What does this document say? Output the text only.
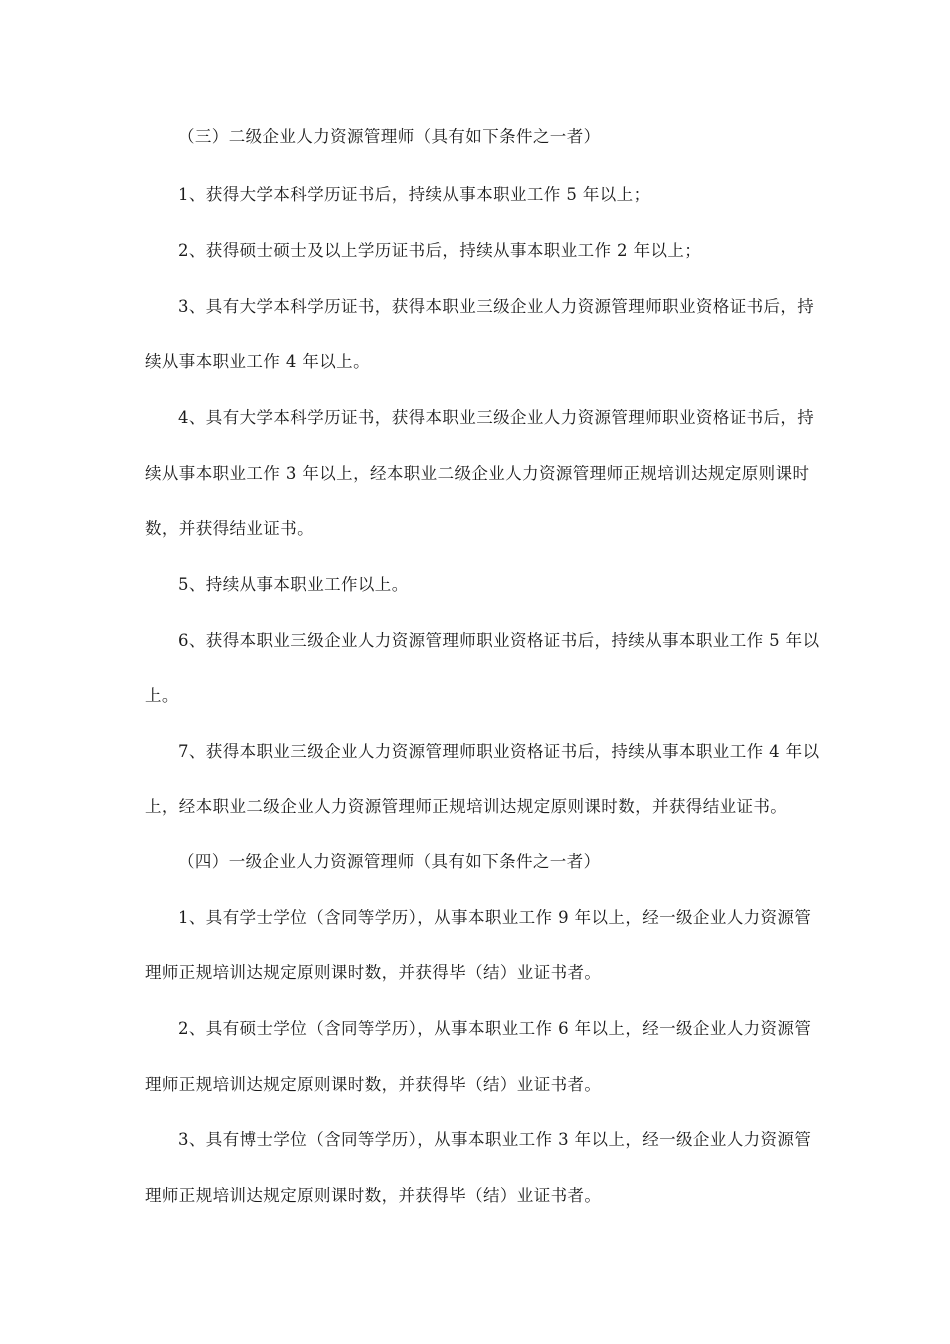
（三）二级企业人力资源管理师（具有如下条件之一者）
1、获得大学本科学历证书后，持续从事本职业工作 5 年以上；
2、获得硕士硕士及以上学历证书后，持续从事本职业工作 2 年以上；
3、具有大学本科学历证书，获得本职业三级企业人力资源管理师职业资格证书后，持
续从事本职业工作 4 年以上。
4、具有大学本科学历证书，获得本职业三级企业人力资源管理师职业资格证书后，持
续从事本职业工作 3 年以上，经本职业二级企业人力资源管理师正规培训达规定原则课时
数，并获得结业证书。
5、持续从事本职业工作以上。
6、获得本职业三级企业人力资源管理师职业资格证书后，持续从事本职业工作 5 年以
上。
7、获得本职业三级企业人力资源管理师职业资格证书后，持续从事本职业工作 4 年以
上，经本职业二级企业人力资源管理师正规培训达规定原则课时数，并获得结业证书。
（四）一级企业人力资源管理师（具有如下条件之一者）
1、具有学士学位（含同等学历），从事本职业工作 9 年以上，经一级企业人力资源管
理师正规培训达规定原则课时数，并获得毕（结）业证书者。
2、具有硕士学位（含同等学历），从事本职业工作 6 年以上，经一级企业人力资源管
理师正规培训达规定原则课时数，并获得毕（结）业证书者。
3、具有博士学位（含同等学历），从事本职业工作 3 年以上，经一级企业人力资源管
理师正规培训达规定原则课时数，并获得毕（结）业证书者。
